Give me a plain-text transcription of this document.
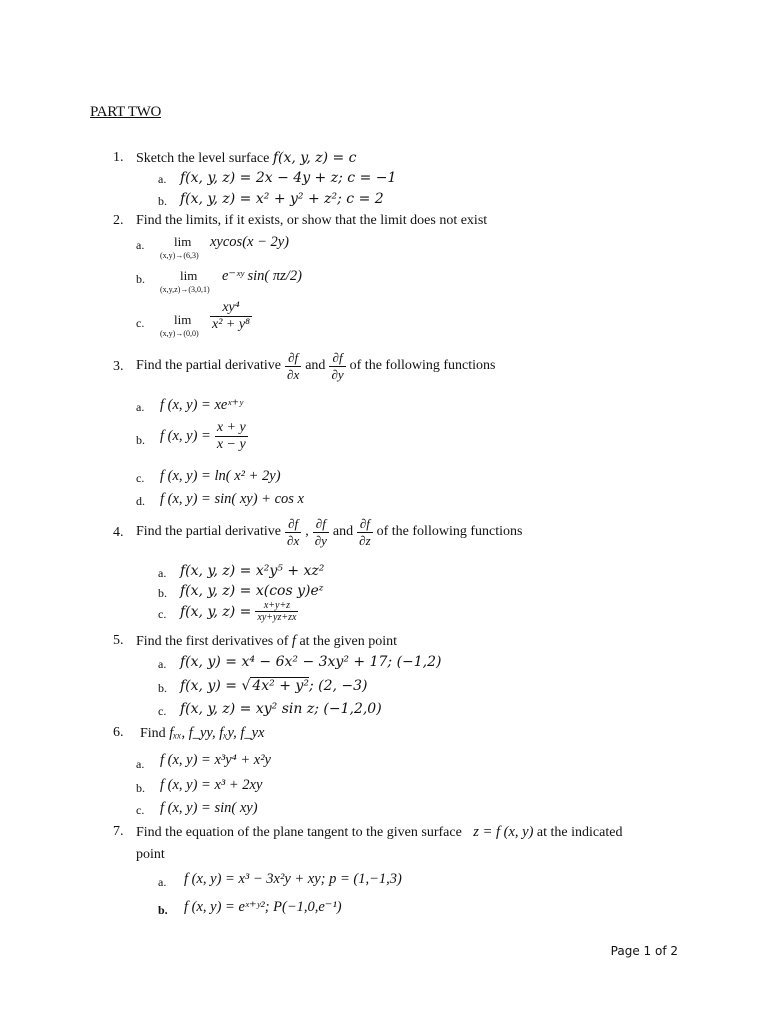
PART TWO
1. Sketch the level surface f(x, y, z) = c
a. f(x, y, z) = 2x − 4y + z; c = −1
b. f(x, y, z) = x² + y² + z²; c = 2
2. Find the limits, if it exists, or show that the limit does not exist
a. lim
(x,y)→(6,3)
xycos(x − 2y)
b.	lim
(x,y,z)→(3,0,1)
e⁻ˣʸ sin( πz/2)
c. lim
(x,y)→(0,0)
$\frac{\text{xy⁴}}{\text{x² + y⁸}}$
3. Find the partial derivative $\frac{\partial f}{\partial x}$ and $\frac{\partial f}{\partial y}$ of the following functions
a. f (x, y) = xeˣ⁺ʸ
b. f (x, $y) = \frac{x + y}{x - y}$
c. f (x, y) = ln( x² + 2y)
d. f (x, y) = sin( xy) + cos x
4. Find the partial derivative $\frac{\partial f}{\partial x}$ , $\frac{\partial f}{\partial y}$ and $\frac{\partial f}{\partial z}$ of the following functions
a. f(x, y, z) = x²y⁵ + xz²
b. f(x, y, z) = x(cos y)eᶻ
c. f(x, y, $z) = \frac{x+y+z}{xy+yz+zx}$
5. Find the first derivatives of f at the given point
a. f(x, y) = x⁴ − 6x² − 3xy² + 17; (−1,2)
b. f(x, y) = √ 4x² + y²; (2, −3)
c. f(x, y, z) = xy² sin z; (−1,2,0)
6. Find fₓₓ, f_yy, fₓy, f_yx
a. f (x, y) = x³y⁴ + x²y
b. f (x, y) = x³ + 2xy
c. f (x, y) = sin( xy)
7. Find the equation of the plane tangent to the given surface z = f (x, y) at the indicated
point
a. f (x, y) = x³ − 3x²y + xy; p = (1,−1,3)
b. f (x, y) = eˣ⁺ʸ²; P(−1,0,e⁻¹)
Page 1 of 2
